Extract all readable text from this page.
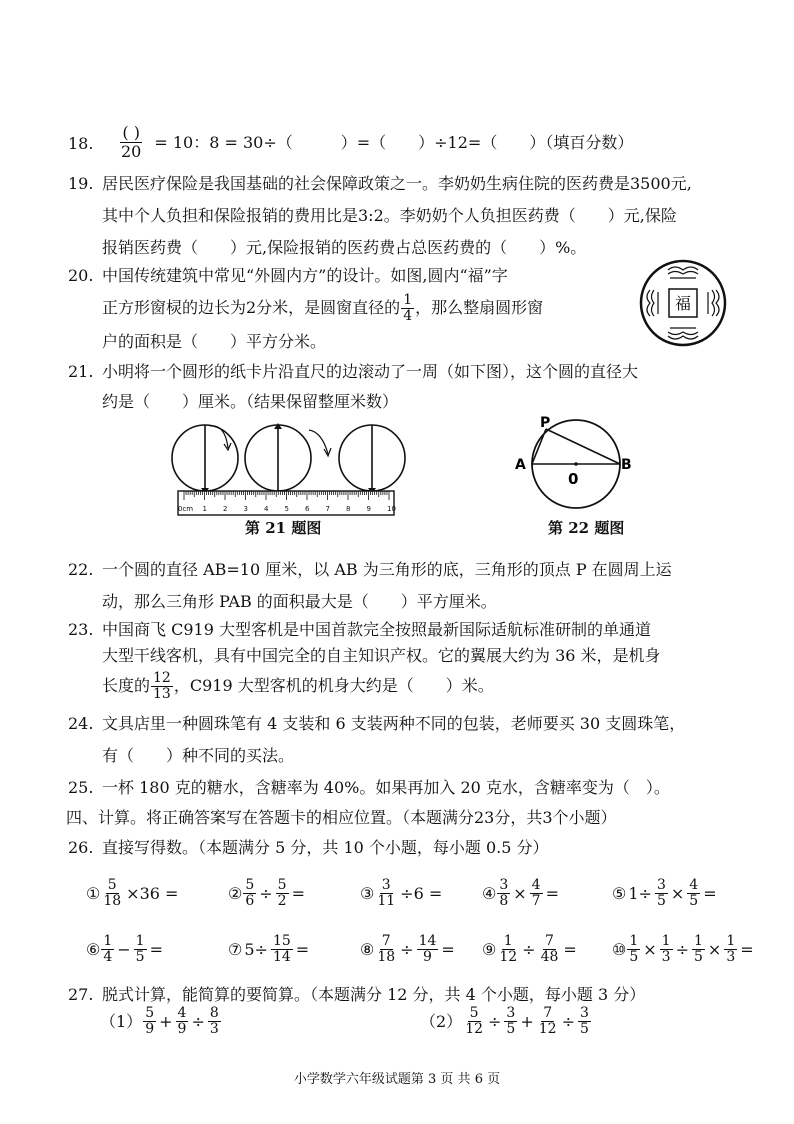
18. $\frac{( )}{20} = 10$：8 = 30÷（　　　）=（　　）÷12=（　　）（填百分数）
19. 居民医疗保险是我国基础的社会保障政策之一。李奶奶生病住院的医药费是3500元,
其中个人负担和保险报销的费用比是3:2。李奶奶个人负担医药费（　　）元,保险
报销医药费（　　）元,保险报销的医药费占总医药费的（　　）%。
20. 中国传统建筑中常见“外圆内方”的设计。如图,圆内“福”字
正方形窗棂的边长为2分米，是圆窗直径的 $\frac{1}{4}$ ，那么整扇圆形窗
户的面积是（　　）平方分米。
福
21. 小明将一个圆形的纸卡片沿直尺的边滚动了一周（如下图），这个圆的直径大
约是（　　）厘米。（结果保留整厘米数）
0cm 1 2 3 4 5 6 7 8 9 10
第 21 题图
P
A	B
0
第 22 题图
22. 一个圆的直径 AB=10 厘米，以 AB 为三角形的底，三角形的顶点 P 在圆周上运
动，那么三角形 PAB 的面积最大是（　　）平方厘米。
23. 中国商飞 C919 大型客机是中国首款完全按照最新国际适航标准研制的单通道
大型干线客机，具有中国完全的自主知识产权。它的翼展大约为 36 米，是机身
长度的 $\frac{12}{13}$ ，C919 大型客机的机身大约是（　　）米。
24. 文具店里一种圆珠笔有 4 支装和 6 支装两种不同的包装，老师要买 30 支圆珠笔，
有（　　）种不同的买法。
25. 一杯 180 克的糖水，含糖率为 40%。如果再加入 20 克水，含糖率变为（　）。
四、计算。将正确答案写在答题卡的相应位置。（本题满分23分，共3个小题）
26. 直接写得数。（本题满分 5 分，共 10 个小题，每小题 0.5 分）
① $\frac{5}{18} \times 36$ =	② $\frac{5}{6} \div \frac{5}{2}$ =	③ $\frac{3}{11} \div 6$ = ④ $\frac{3}{8} \times \frac{4}{7}$ =	⑤ $1\div \frac{3}{5} \times \frac{4}{5}$ =
⑥ $\frac{1}{4} - \frac{1}{5}$ =	⑦ $5\div \frac{15}{14}$ =	⑧ $\frac{7}{18} \div \frac{14}{9}$ = ⑨ $\frac{1}{12} \div \frac{7}{48}$ = ⑩ $\frac{1}{5} \times \frac{1}{3} \div \frac{1}{5} \times \frac{1}{3}$ =
27. 脱式计算，能简算的要简算。（本题满分 12 分，共 4 个小题，每小题 3 分）
$(1) \frac{5}{9} + \frac{4}{9} \div \frac{8}{3}$	$(2) \frac{5}{12} \div \frac{3}{5} + \frac{7}{12} \div \frac{3}{5}$
小学数学六年级试题第 3 页 共 6 页
